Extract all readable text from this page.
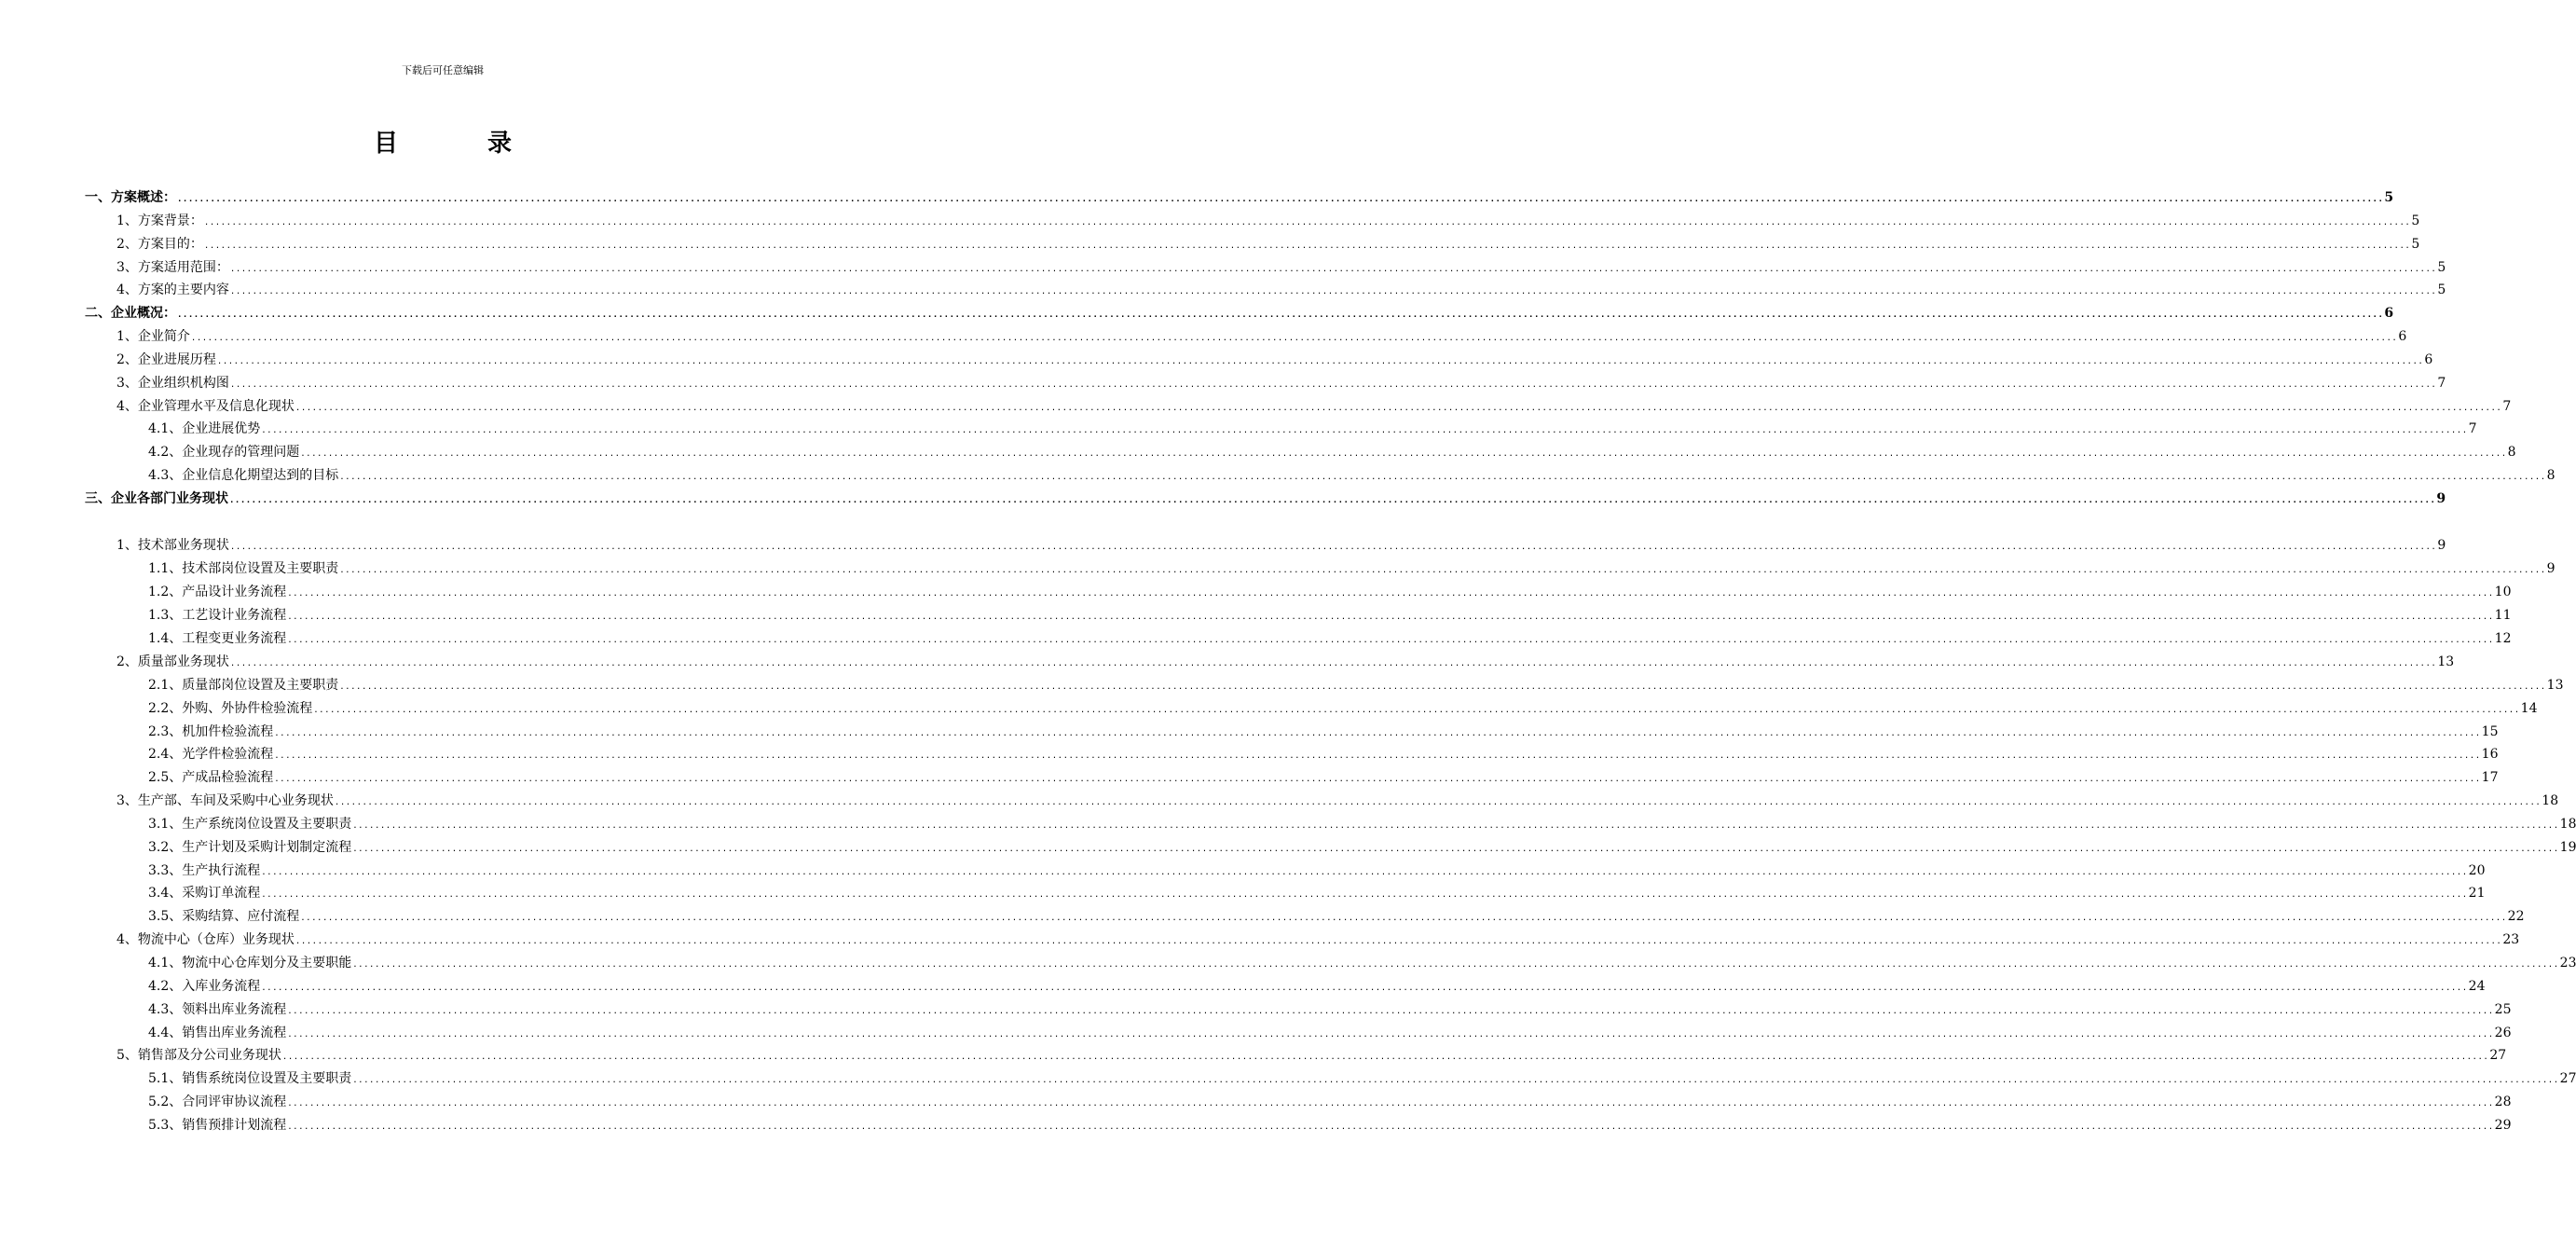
下载后可任意编辑
目	录
一、方案概述： ................................................................................................................................................................................................................................................................................................................................................................................................................ 5
1、方案背景： ................................................................................................................................................................................................................................................................................................................................................................................................................ 5
2、方案目的： ................................................................................................................................................................................................................................................................................................................................................................................................................ 5
3、方案适用范围： ................................................................................................................................................................................................................................................................................................................................................................................................................ 5
4、方案的主要内容 ................................................................................................................................................................................................................................................................................................................................................................................................................ 5
二、企业概况： ................................................................................................................................................................................................................................................................................................................................................................................................................ 6
1、企业简介 ................................................................................................................................................................................................................................................................................................................................................................................................................ 6
2、企业进展历程 ................................................................................................................................................................................................................................................................................................................................................................................................................ 6
3、企业组织机构图 ................................................................................................................................................................................................................................................................................................................................................................................................................ 7
4、企业管理水平及信息化现状 ................................................................................................................................................................................................................................................................................................................................................................................................................ 7
4.1、企业进展优势 ................................................................................................................................................................................................................................................................................................................................................................................................................ 7
4.2、企业现存的管理问题 ................................................................................................................................................................................................................................................................................................................................................................................................................ 8
4.3、企业信息化期望达到的目标 ................................................................................................................................................................................................................................................................................................................................................................................................................ 8
三、企业各部门业务现状 ................................................................................................................................................................................................................................................................................................................................................................................................................ 9
1、技术部业务现状 ................................................................................................................................................................................................................................................................................................................................................................................................................ 9
1.1、技术部岗位设置及主要职责 ................................................................................................................................................................................................................................................................................................................................................................................................................ 9
1.2、产品设计业务流程 ................................................................................................................................................................................................................................................................................................................................................................................................................ 10
1.3、工艺设计业务流程 ................................................................................................................................................................................................................................................................................................................................................................................................................ 11
1.4、工程变更业务流程 ................................................................................................................................................................................................................................................................................................................................................................................................................ 12
2、质量部业务现状 ................................................................................................................................................................................................................................................................................................................................................................................................................ 13
2.1、质量部岗位设置及主要职责 ................................................................................................................................................................................................................................................................................................................................................................................................................ 13
2.2、外购、外协件检验流程 ................................................................................................................................................................................................................................................................................................................................................................................................................ 14
2.3、机加件检验流程 ................................................................................................................................................................................................................................................................................................................................................................................................................ 15
2.4、光学件检验流程 ................................................................................................................................................................................................................................................................................................................................................................................................................ 16
2.5、产成品检验流程 ................................................................................................................................................................................................................................................................................................................................................................................................................ 17
3、生产部、车间及采购中心业务现状 ................................................................................................................................................................................................................................................................................................................................................................................................................ 18
3.1、生产系统岗位设置及主要职责 ................................................................................................................................................................................................................................................................................................................................................................................................................ 18
3.2、生产计划及采购计划制定流程 ................................................................................................................................................................................................................................................................................................................................................................................................................ 19
3.3、生产执行流程 ................................................................................................................................................................................................................................................................................................................................................................................................................ 20
3.4、采购订单流程 ................................................................................................................................................................................................................................................................................................................................................................................................................ 21
3.5、采购结算、应付流程 ................................................................................................................................................................................................................................................................................................................................................................................................................ 22
4、物流中心（仓库）业务现状 ................................................................................................................................................................................................................................................................................................................................................................................................................ 23
4.1、物流中心仓库划分及主要职能 ................................................................................................................................................................................................................................................................................................................................................................................................................ 23
4.2、入库业务流程 ................................................................................................................................................................................................................................................................................................................................................................................................................ 24
4.3、领料出库业务流程 ................................................................................................................................................................................................................................................................................................................................................................................................................ 25
4.4、销售出库业务流程 ................................................................................................................................................................................................................................................................................................................................................................................................................ 26
5、销售部及分公司业务现状 ................................................................................................................................................................................................................................................................................................................................................................................................................ 27
5.1、销售系统岗位设置及主要职责 ................................................................................................................................................................................................................................................................................................................................................................................................................ 27
5.2、合同评审协议流程 ................................................................................................................................................................................................................................................................................................................................................................................................................ 28
5.3、销售预排计划流程 ................................................................................................................................................................................................................................................................................................................................................................................................................ 29
